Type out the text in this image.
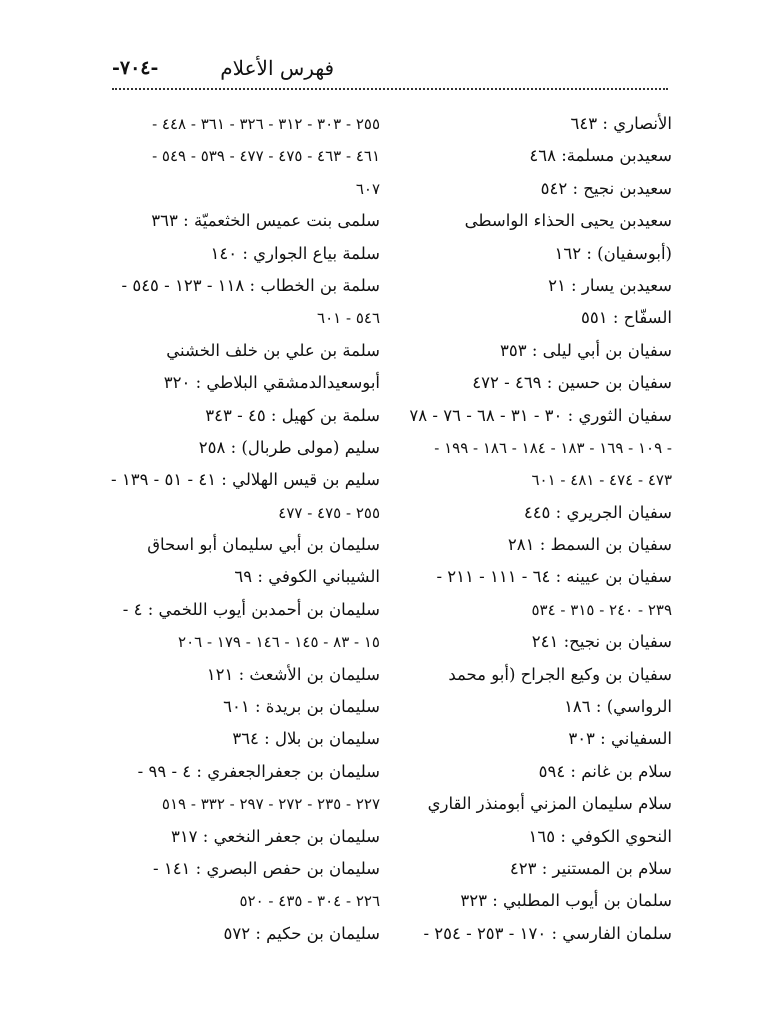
-٧٠٤-	فهرس الأعلام
الأنصاري : ٦٤٣
سعيدبن مسلمة: ٤٦٨
سعيدبن نجيح : ٥٤٢
سعيدبن يحيى الحذاء الواسطى
(أبوسفيان) : ١٦٢
سعيدبن يسار : ٢١
السفّاح : ٥٥١
سفيان بن أبي ليلى : ٣٥٣
سفيان بن حسين : ٤٦٩ - ٤٧٢
سفيان الثوري : ٣٠ - ٣١ - ٦٨ - ٧٦ - ٧٨
- ١٠٩ - ١٦٩ - ١٨٣ - ١٨٤ - ١٨٦ - ١٩٩ -
٤٧٣ - ٤٧٤ - ٤٨١ - ٦٠١
سفيان الجريري : ٤٤٥
سفيان بن السمط : ٢٨١
سفيان بن عيينه : ٦٤ - ١١١ - ٢١١ -
٢٣٩ - ٢٤٠ - ٣١٥ - ٥٣٤
سفيان بن نجيح: ٢٤١
سفيان بن وكيع الجراح (أبو محمد
الرواسي) : ١٨٦
السفياني : ٣٠٣
سلام بن غانم : ٥٩٤
سلام سليمان المزني أبومنذر القاري
النحوي الكوفي : ١٦٥
سلام بن المستنير : ٤٢٣
سلمان بن أيوب المطلبي : ٣٢٣
سلمان الفارسي : ١٧٠ - ٢٥٣ - ٢٥٤ -
٢٥٥ - ٣٠٣ - ٣١٢ - ٣٢٦ - ٣٦١ - ٤٤٨ -
٤٦١ - ٤٦٣ - ٤٧٥ - ٤٧٧ - ٥٣٩ - ٥٤٩ -
٦٠٧
سلمى بنت عميس الخثعميّة : ٣٦٣
سلمة بياع الجواري : ١٤٠
سلمة بن الخطاب : ١١٨ - ١٢٣ - ٥٤٥ -
٥٤٦ - ٦٠١
سلمة بن علي بن خلف الخشني
أبوسعيدالدمشقي البلاطي : ٣٢٠
سلمة بن كهيل : ٤٥ - ٣٤٣
سليم (مولى طربال) : ٢٥٨
سليم بن قيس الهلالي : ٤١ - ٥١ - ١٣٩ -
٢٥٥ - ٤٧٥ - ٤٧٧
سليمان بن أبي سليمان أبو اسحاق
الشيباني الكوفي : ٦٩
سليمان بن أحمدبن أيوب اللخمي : ٤ -
١٥ - ٨٣ - ١٤٥ - ١٤٦ - ١٧٩ - ٢٠٦
سليمان بن الأشعث : ١٢١
سليمان بن بريدة : ٦٠١
سليمان بن بلال : ٣٦٤
سليمان بن جعفرالجعفري : ٤ - ٩٩ -
٢٢٧ - ٢٣٥ - ٢٧٢ - ٢٩٧ - ٣٣٢ - ٥١٩
سليمان بن جعفر النخعي : ٣١٧
سليمان بن حفص البصري : ١٤١ -
٢٢٦ - ٣٠٤ - ٤٣٥ - ٥٢٠
سليمان بن حكيم : ٥٧٢
